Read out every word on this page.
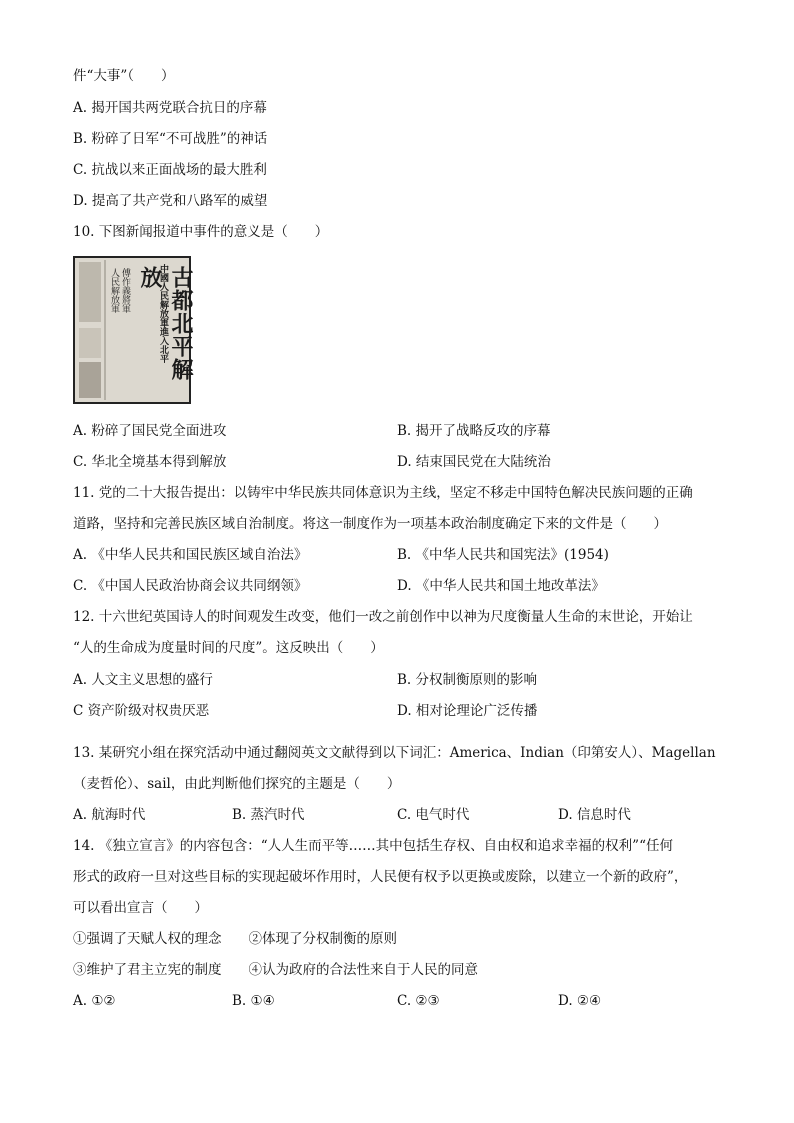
件“大事”（　　）
A. 揭开国共两党联合抗日的序幕
B. 粉碎了日军“不可战胜”的神话
C. 抗战以来正面战场的最大胜利
D. 提高了共产党和八路军的威望
10. 下图新闻报道中事件的意义是（　　）
中國人民解放軍進入北平 古都北平解放
傅作義將軍
人民解放軍
A. 粉碎了国民党全面进攻	B. 揭开了战略反攻的序幕
C. 华北全境基本得到解放	D. 结束国民党在大陆统治
11. 党的二十大报告提出：以铸牢中华民族共同体意识为主线，坚定不移走中国特色解决民族问题的正确
道路，坚持和完善民族区域自治制度。将这一制度作为一项基本政治制度确定下来的文件是（　　）
A. 《中华人民共和国民族区域自治法》	B. 《中华人民共和国宪法》(1954)
C. 《中国人民政治协商会议共同纲领》	D. 《中华人民共和国土地改革法》
12. 十六世纪英国诗人的时间观发生改变，他们一改之前创作中以神为尺度衡量人生命的末世论，开始让
“人的生命成为度量时间的尺度”。这反映出（　　）
A. 人文主义思想的盛行	B. 分权制衡原则的影响
C 资产阶级对权贵厌恶	D. 相对论理论广泛传播
13. 某研究小组在探究活动中通过翻阅英文文献得到以下词汇：America、Indian（印第安人）、Magellan
（麦哲伦）、sail，由此判断他们探究的主题是（　　）
A. 航海时代	B. 蒸汽时代	C. 电气时代	D. 信息时代
14. 《独立宣言》的内容包含：“人人生而平等……其中包括生存权、自由权和追求幸福的权利”“任何
形式的政府一旦对这些目标的实现起破坏作用时，人民便有权予以更换或废除，以建立一个新的政府”，
可以看出宣言（　　）
①强调了天赋人权的理念　　②体现了分权制衡的原则
③维护了君主立宪的制度　　④认为政府的合法性来自于人民的同意
A. ①②	B. ①④	C. ②③	D. ②④
